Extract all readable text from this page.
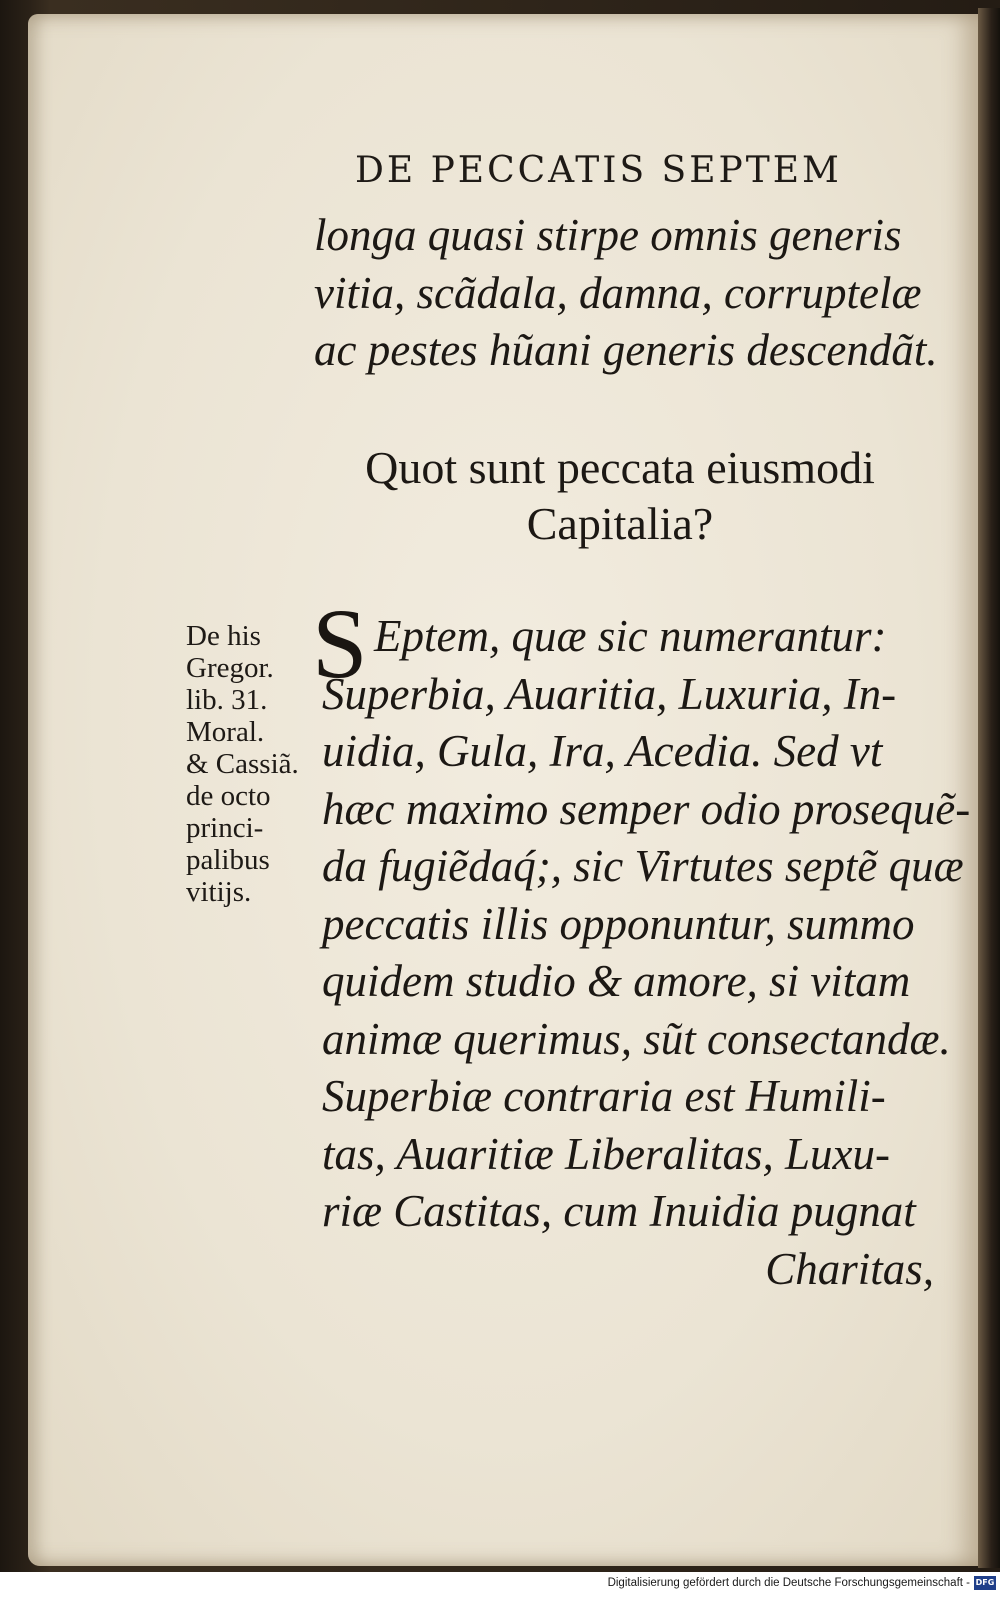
DE PECCATIS SEPTEM
longa quasi stirpe omnis generis
vitia, scãdala, damna, corruptelæ
ac pestes hũani generis descendãt.
Quot sunt peccata eiusmodi
Capitalia?
S Eptem, quæ sic numerantur:
Superbia, Auaritia, Luxuria, In-
uidia, Gula, Ira, Acedia. Sed vt
hæc maximo semper odio prosequẽ-
da fugiẽdaq́;, sic Virtutes septẽ quæ
peccatis illis opponuntur, summo
quidem studio & amore, si vitam
animæ querimus, sũt consectandæ.
Superbiæ contraria est Humili-
tas, Auaritiæ Liberalitas, Luxu-
riæ Castitas, cum Inuidia pugnat
Charitas,
De his
Gregor.
lib. 31.
Moral.
& Cassiã.
de octo
princi-
palibus
vitijs.
Digitalisierung gefördert durch die Deutsche Forschungsgemeinschaft - DFG
